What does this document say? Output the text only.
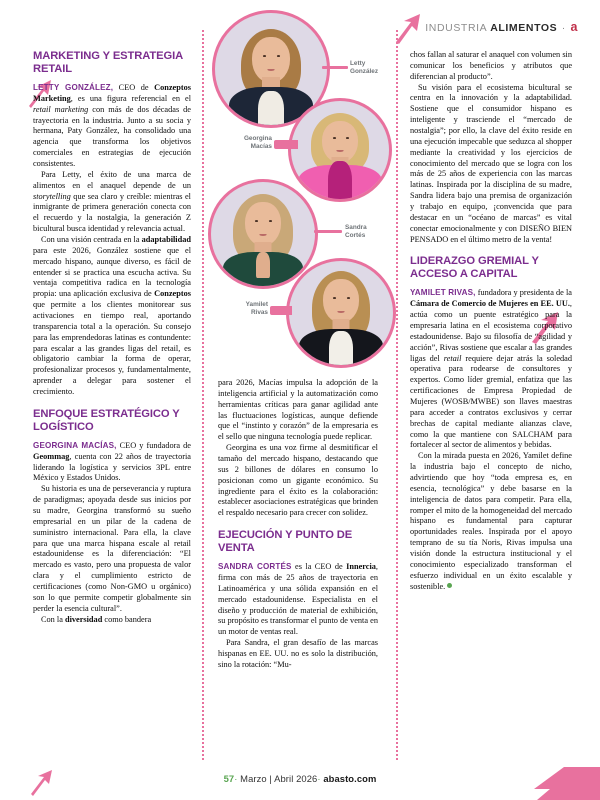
INDUSTRIA ALIMENTOS · a
MARKETING Y ESTRATEGIA RETAIL

LETTY GONZÁLEZ, CEO de Conzeptos Marketing, es una figura referencial en el retail marketing con más de dos décadas de trayectoria en la industria. Junto a su socia y hermana, Paty González, ha consolidado una agencia que transforma los objetivos comerciales en estrategias de ejecución consistentes.

Para Letty, el éxito de una marca de alimentos en el anaquel depende de un storytelling que sea claro y creíble: mientras el inmigrante de primera generación conecta con el recuerdo y la nostalgia, la generación Z bicultural busca identidad y relevancia actual.

Con una visión centrada en la adaptabilidad para este 2026, González sostiene que el mercado hispano, aunque diverso, es fácil de entender si se practica una escucha activa. Su ventaja competitiva radica en la tecnología propia: una aplicación exclusiva de Conzeptos que permite a los clientes monitorear sus activaciones en tiempo real, aportando transparencia total a la operación. Su consejo para las emprendedoras latinas es contundente: para escalar a las grandes ligas del retail, es obligatorio cambiar la forma de operar, profesionalizar procesos y, fundamentalmente, aprender a delegar para sostener el crecimiento.

ENFOQUE ESTRATÉGICO Y LOGÍSTICO

GEORGINA MACÍAS, CEO y fundadora de Geommag, cuenta con 22 años de trayectoria liderando la logística y servicios 3PL entre México y Estados Unidos.

Su historia es una de perseverancia y ruptura de paradigmas; apoyada desde sus inicios por su madre, Georgina transformó su sueño empresarial en un pilar de la cadena de suministro internacional. Para ella, la clave para que una marca hispana escale al retail estadounidense es la diferenciación: “El mercado es vasto, pero una propuesta de valor clara y el cumplimiento estricto de certificaciones (como Non-GMO u orgánico) son lo que permite competir globalmente sin perder la esencia cultural”.

Con la diversidad como bandera

para 2026, Macías impulsa la adopción de la inteligencia artificial y la automatización como herramientas críticas para ganar agilidad ante las fluctuaciones logísticas, aunque defiende que el “instinto y corazón” de la empresaria es el sello que ninguna tecnología puede replicar.

Georgina es una voz firme al desmitificar el tamaño del mercado hispano, destacando que sus 2 billones de dólares en consumo lo posicionan como un gigante económico. Su ingrediente para el éxito es la colaboración: establecer asociaciones estratégicas que brinden el respaldo necesario para crecer con solidez.

EJECUCIÓN Y PUNTO DE VENTA

SANDRA CORTÉS es la CEO de Innercia, firma con más de 25 años de trayectoria en Latinoamérica y una sólida expansión en el mercado estadounidense. Especialista en el diseño y producción de material de exhibición, su propósito es transformar el punto de venta en un motor de ventas real.

Para Sandra, el gran desafío de las marcas hispanas en EE. UU. no es solo la distribución, sino la rotación: “Mu-

chos fallan al saturar el anaquel con volumen sin comunicar los beneficios y atributos que diferencian al producto”.

Su visión para el ecosistema bicultural se centra en la innovación y la adaptabilidad. Sostiene que el consumidor hispano es inteligente y trasciende el “mercado de nostalgia”; por ello, la clave del éxito reside en una ejecución impecable que seduzca al shopper mediante la creatividad y los ejercicios de conocimiento del mercado que se logra con los más de 25 años de experiencia con las marcas latinas. Inspirada por la disciplina de su madre, Sandra lidera bajo una premisa de organización y trabajo en equipo, ¡convencida que para destacar en un “océano de marcas” es vital conectar emocionalmente y con DISEÑO BIEN PENSADO en el último metro de la venta!

LIDERAZGO GREMIAL Y ACCESO A CAPITAL

YAMILET RIVAS, fundadora y presidenta de la Cámara de Comercio de Mujeres en EE. UU., actúa como un puente estratégico para la empresaria latina en el ecosistema corporativo estadounidense. Bajo su filosofía de “agilidad y acción”, Rivas sostiene que escalar a las grandes ligas del retail requiere dejar atrás la soledad operativa para rodearse de consultores y expertos. Como líder gremial, enfatiza que las certificaciones de Empresa Propiedad de Mujeres (WOSB/MWBE) son llaves maestras para acceder a contratos exclusivos y cerrar brechas de capital mediante alianzas clave, como la que mantiene con SALCHAM para fortalecer al sector de alimentos y bebidas.

Con la mirada puesta en 2026, Yamilet define la industria bajo el concepto de nicho, advirtiendo que hoy “toda empresa es, en esencia, tecnológica” y debe basarse en la inteligencia de datos para competir. Para ella, romper el mito de la homogeneidad del mercado hispano es fundamental para capturar oportunidades reales. Inspirada por el apoyo temprano de su tía Noris, Rivas impulsa una visión donde la estructura institucional y el conocimiento especializado transforman el esfuerzo individual en un éxito escalable y sostenible.

Letty
González
Georgina
Macías
Sandra
Cortés
Yamilet
Rivas
57· Marzo | Abril 2026· abasto.com
